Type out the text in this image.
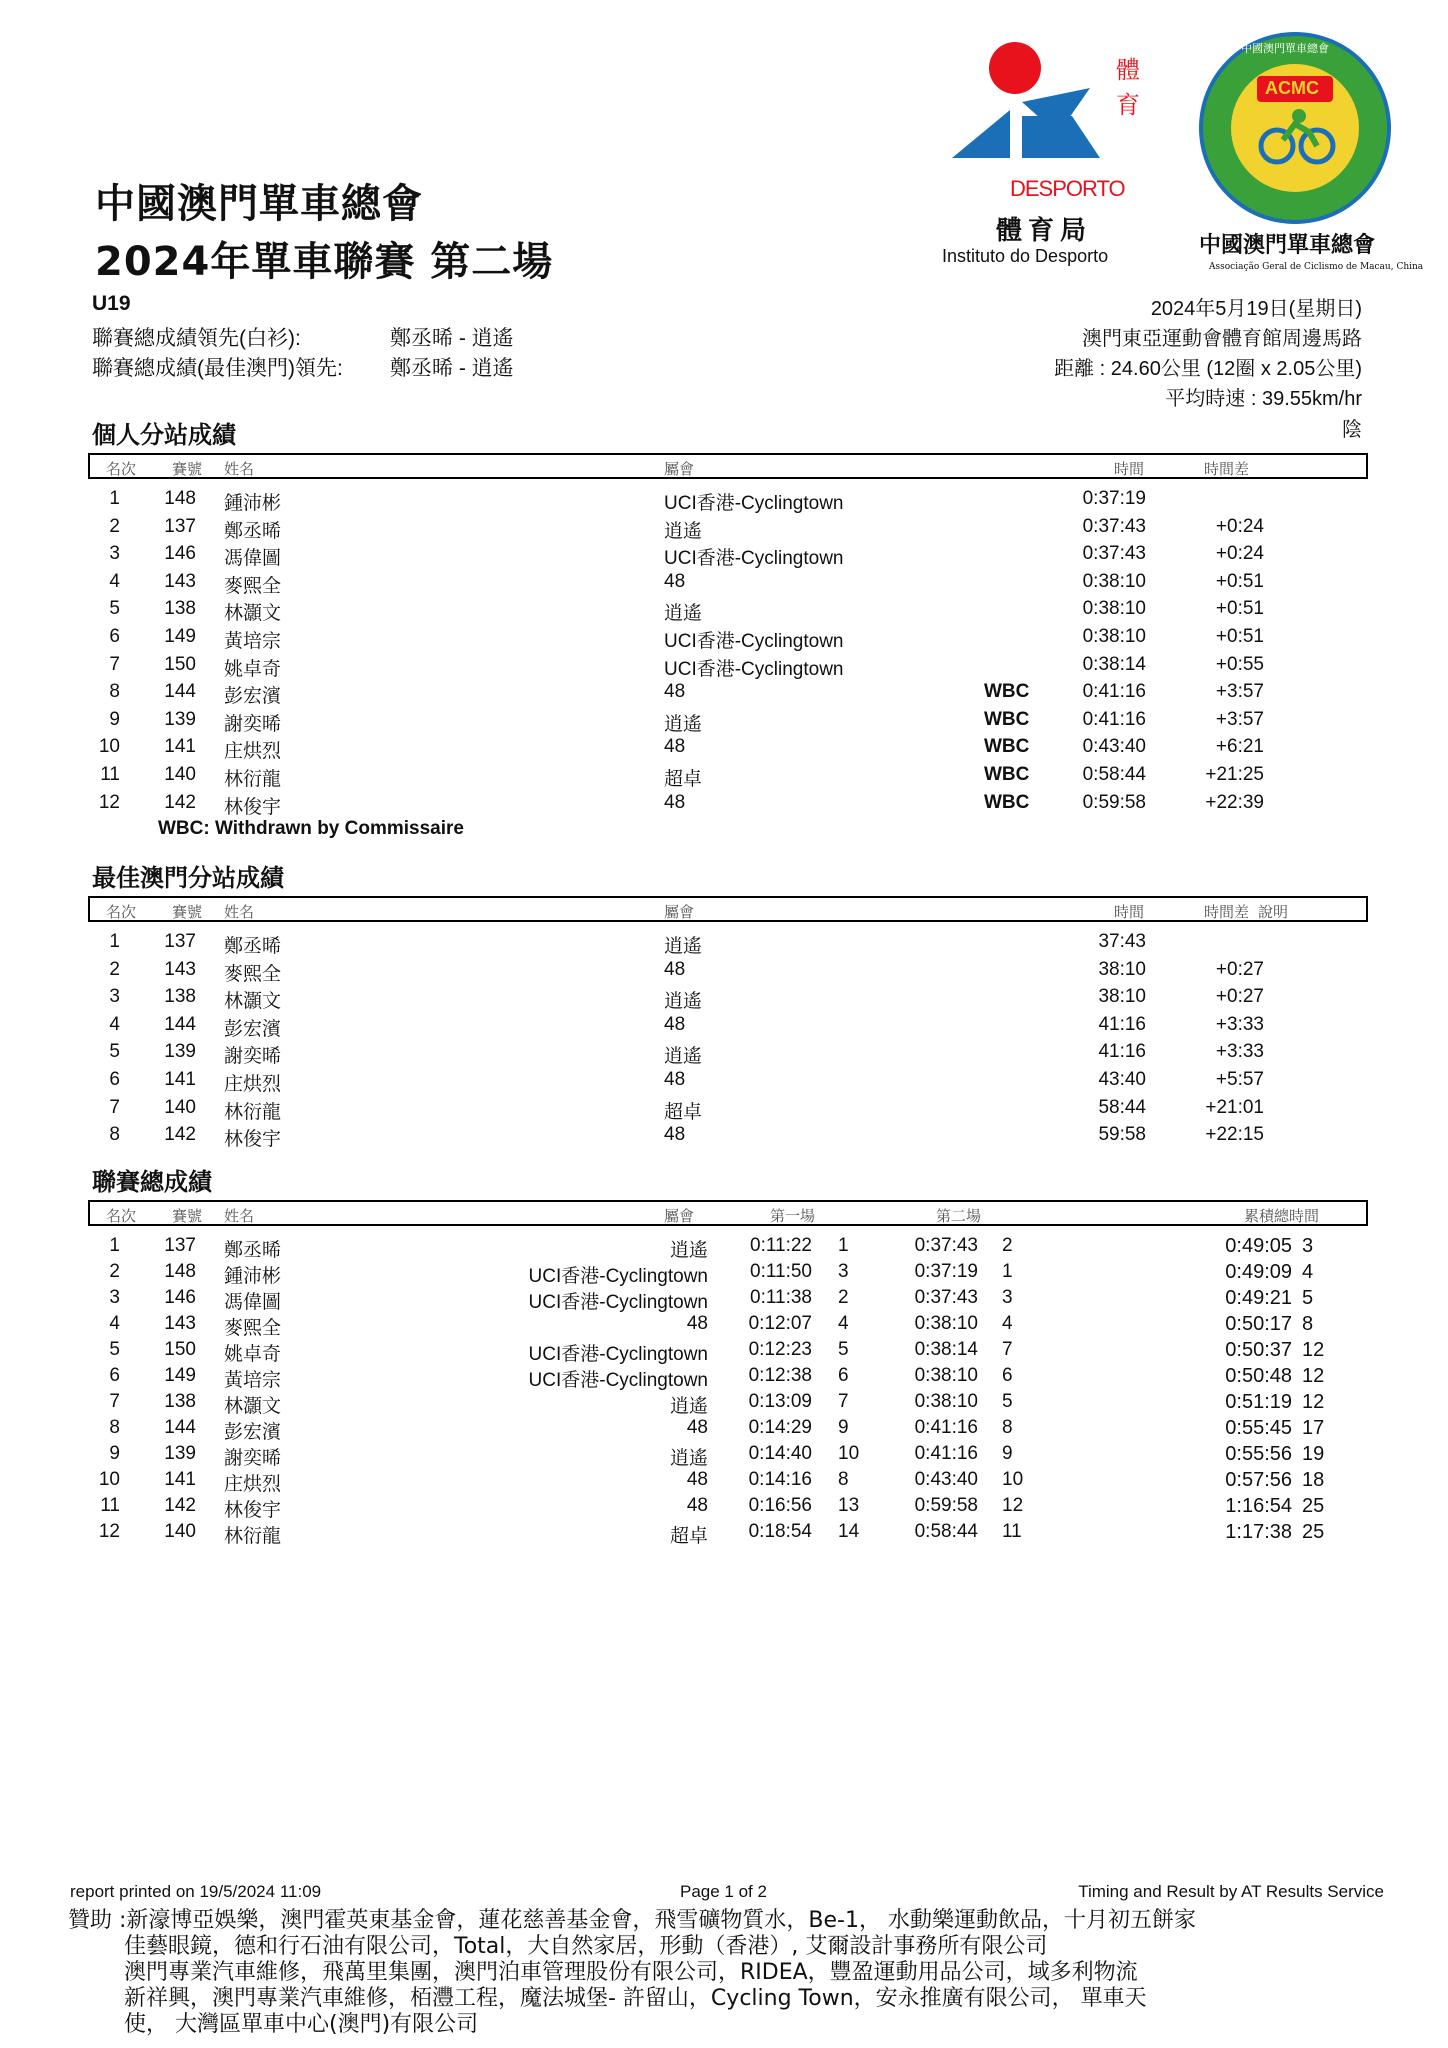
中國澳門單車總會
2024年單車聯賽 第二場
體
育
DESPORTO
體育局
Instituto do Desporto
ACMC
中國澳門單車總會
中國澳門單車總會
Associação Geral de Ciclismo de Macau, China
U19
聯賽總成績領先(白衫):	鄭丞晞 - 逍遙
聯賽總成績(最佳澳門)領先: 鄭丞晞 - 逍遙
2024年5月19日(星期日)
澳門東亞運動會體育館周邊馬路
距離 : 24.60公里 (12圈 x 2.05公里)
平均時速 : 39.55km/hr
陰
個人分站成績
名次 賽號 姓名	屬會	時間	時間差
1	148 鍾沛彬	UCI香港-Cyclingtown	0:37:19
2	137 鄭丞晞	逍遙	0:37:43	+0:24
3	146 馮偉圖	UCI香港-Cyclingtown	0:37:43	+0:24
4	143 麥熙全	48	0:38:10	+0:51
5	138 林灝文	逍遙	0:38:10	+0:51
6	149 黃培宗	UCI香港-Cyclingtown	0:38:10	+0:51
7	150 姚卓奇	UCI香港-Cyclingtown	0:38:14	+0:55
8	144 彭宏濱	48	WBC	0:41:16	+3:57
9	139 謝奕晞	逍遙	WBC	0:41:16	+3:57
10	141 庄烘烈	48	WBC	0:43:40	+6:21
11	140 林衍龍	超卓	WBC	0:58:44	+21:25
12	142 林俊宇	48	WBC	0:59:58	+22:39
WBC: Withdrawn by Commissaire
最佳澳門分站成績
名次 賽號 姓名	屬會	時間	時間差 說明
1	137 鄭丞晞	逍遙	37:43
2	143 麥熙全	48	38:10	+0:27
3	138 林灝文	逍遙	38:10	+0:27
4	144 彭宏濱	48	41:16	+3:33
5	139 謝奕晞	逍遙	41:16	+3:33
6	141 庄烘烈	48	43:40	+5:57
7	140 林衍龍	超卓	58:44	+21:01
8	142 林俊宇	48	59:58	+22:15
聯賽總成績
名次 賽號 姓名	屬會	第一場	第二場	累積總時間
1	137 鄭丞晞	逍遙	0:11:22 1	0:37:43 2	0:49:05 3
2	148 鍾沛彬	UCI香港-Cyclingtown	0:11:50 3	0:37:19 1	0:49:09 4
3	146 馮偉圖	UCI香港-Cyclingtown	0:11:38 2	0:37:43 3	0:49:21 5
4	143 麥熙全	48	0:12:07 4	0:38:10 4	0:50:17 8
5	150 姚卓奇	UCI香港-Cyclingtown	0:12:23 5	0:38:14 7	0:50:37 12
6	149 黃培宗	UCI香港-Cyclingtown	0:12:38 6	0:38:10 6	0:50:48 12
7	138 林灝文	逍遙	0:13:09 7	0:38:10 5	0:51:19 12
8	144 彭宏濱	48	0:14:29 9	0:41:16 8	0:55:45 17
9	139 謝奕晞	逍遙	0:14:40 10	0:41:16 9	0:55:56 19
10	141 庄烘烈	48	0:14:16 8	0:43:40 10	0:57:56 18
11	142 林俊宇	48	0:16:56 13	0:59:58 12	1:16:54 25
12	140 林衍龍	超卓	0:18:54 14	0:58:44 11	1:17:38 25
report printed on 19/5/2024 11:09	Page 1 of 2	Timing and Result by AT Results Service
贊助 :新濠博亞娛樂，澳門霍英東基金會，蓮花慈善基金會，飛雪礦物質水，Be-1， 水動樂運動飲品，十月初五餅家
佳藝眼鏡，德和行石油有限公司，Total，大自然家居，形動（香港）, 艾爾設計事務所有限公司
澳門專業汽車維修，飛萬里集團，澳門泊車管理股份有限公司，RIDEA，豐盈運動用品公司，域多利物流
新祥興，澳門專業汽車維修，栢灃工程，魔法城堡- 許留山，Cycling Town，安永推廣有限公司， 單車天
使， 大灣區單車中心(澳門)有限公司
